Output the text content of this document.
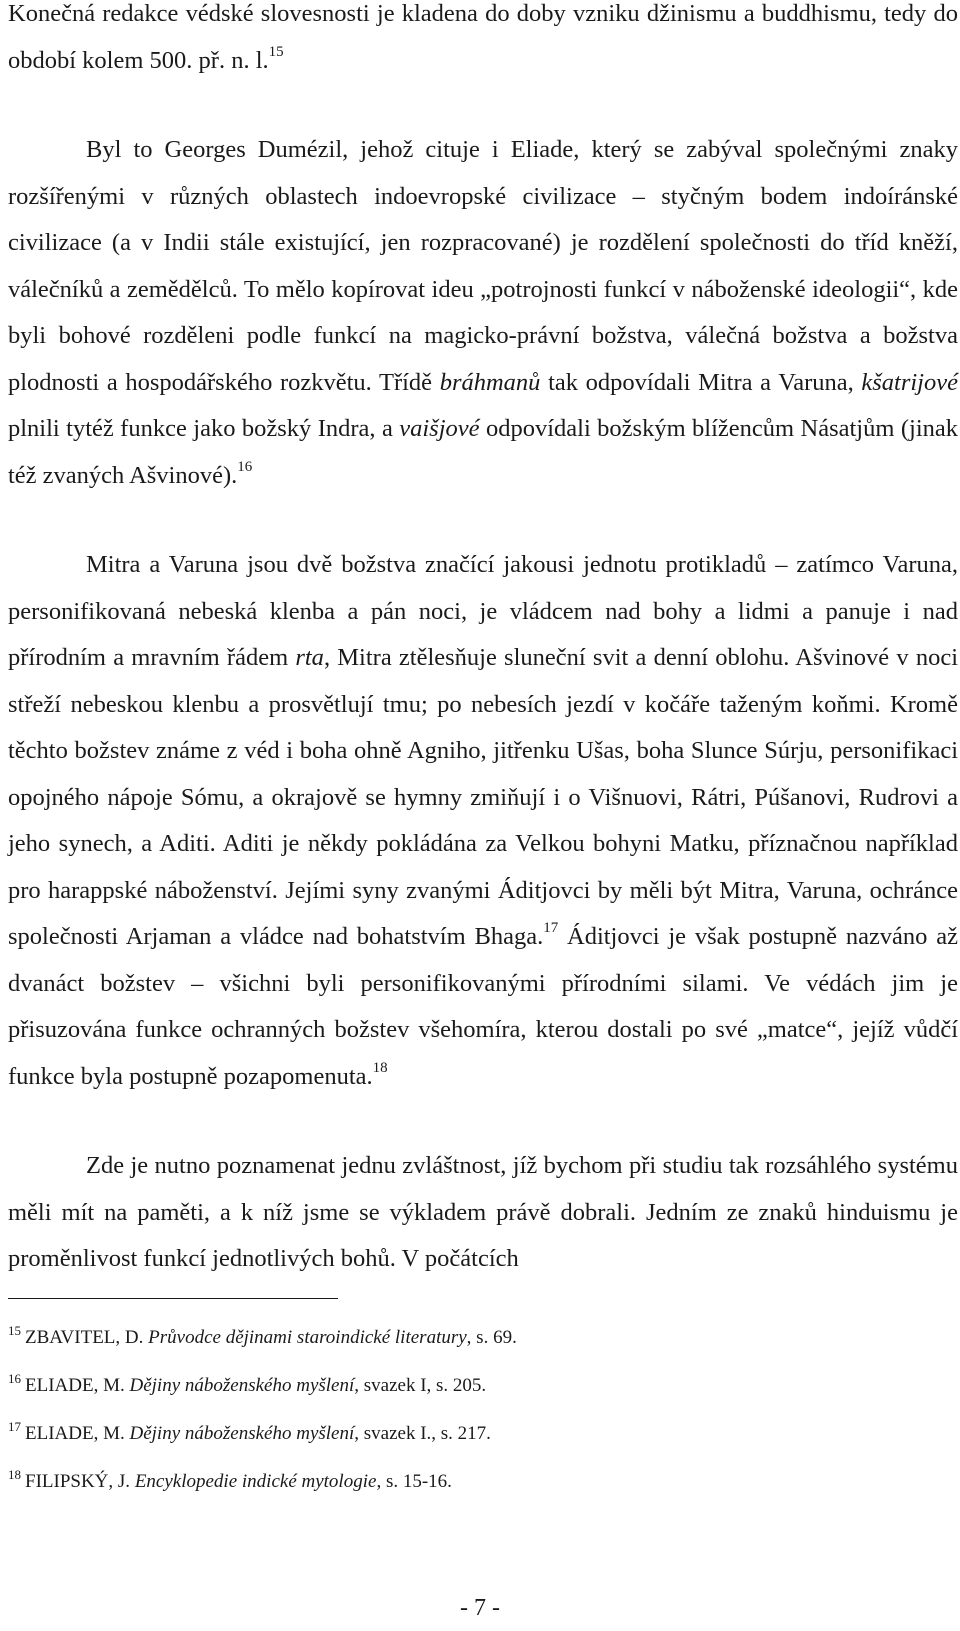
Konečná redakce védské slovesnosti je kladena do doby vzniku džinismu a buddhismu, tedy do období kolem 500. př. n. l.$^{15}$

Byl to Georges Dumézil, jehož cituje i Eliade, který se zabýval společnými znaky rozšířenými v různých oblastech indoevropské civilizace – styčným bodem indoíránské civilizace (a v Indii stále existující, jen rozpracované) je rozdělení společnosti do tříd kněží, válečníků a zemědělců. To mělo kopírovat ideu „potrojnosti funkcí v náboženské ideologii“, kde byli bohové rozděleni podle funkcí na magicko-právní božstva, válečná božstva a božstva plodnosti a hospodářského rozkvětu. Třídě bráhmanů tak odpovídali Mitra a Varuna, kšatrijové plnili tytéž funkce jako božský Indra, a vaišjové odpovídali božským blížencům Násatjům (jinak též zvaných Ašvinové).$^{16}$

Mitra a Varuna jsou dvě božstva značící jakousi jednotu protikladů – zatímco Varuna, personifikovaná nebeská klenba a pán noci, je vládcem nad bohy a lidmi a panuje i nad přírodním a mravním řádem rta, Mitra ztělesňuje sluneční svit a denní oblohu. Ašvinové v noci střeží nebeskou klenbu a prosvětlují tmu; po nebesích jezdí v kočáře taženým koňmi. Kromě těchto božstev známe z véd i boha ohně Agniho, jitřenku Ušas, boha Slunce Súrju, personifikaci opojného nápoje Sómu, a okrajově se hymny zmiňují i o Višnuovi, Rátri, Púšanovi, Rudrovi a jeho synech, a Aditi. Aditi je někdy pokládána za Velkou bohyni Matku, příznačnou například pro harappské náboženství. Jejími syny zvanými Áditjovci by měli být Mitra, Varuna, ochránce společnosti Arjaman a vládce nad bohatstvím Bhaga.$^{17}$ Áditjovci je však postupně nazváno až dvanáct božstev – všichni byli personifikovanými přírodními silami. Ve védách jim je přisuzována funkce ochranných božstev všehomíra, kterou dostali po své „matce“, jejíž vůdčí funkce byla postupně pozapomenuta.$^{18}$

Zde je nutno poznamenat jednu zvláštnost, jíž bychom při studiu tak rozsáhlého systému měli mít na paměti, a k níž jsme se výkladem právě dobrali. Jedním ze znaků hinduismu je proměnlivost funkcí jednotlivých bohů. V počátcích

$^{15}$ ZBAVITEL, D. Průvodce dějinami staroindické literatury, s. 69.

$^{16}$ ELIADE, M. Dějiny náboženského myšlení, svazek I, s. 205.

$^{17}$ ELIADE, M. Dějiny náboženského myšlení, svazek I., s. 217.

$^{18}$ FILIPSKÝ, J. Encyklopedie indické mytologie, s. 15-16.

- 7 -
